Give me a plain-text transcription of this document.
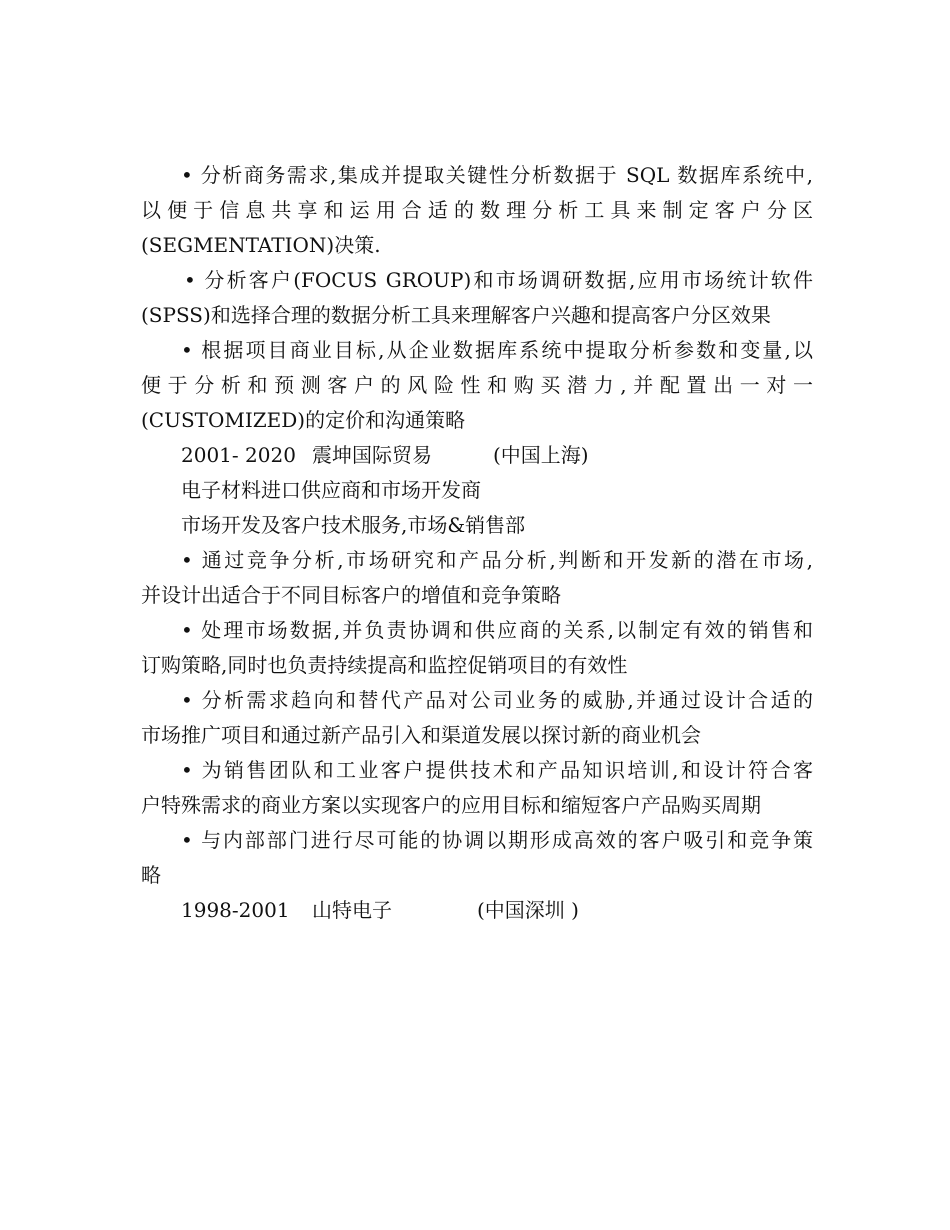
• 分析商务需求,集成并提取关键性分析数据于 SQL 数据库系统中,
以便于信息共享和运用合适的数理分析工具来制定客户分区
(SEGMENTATION)决策.
• 分析客户(FOCUS GROUP)和市场调研数据,应用市场统计软件
(SPSS)和选择合理的数据分析工具来理解客户兴趣和提高客户分区效果
• 根据项目商业目标,从企业数据库系统中提取分析参数和变量,以
便于分析和预测客户的风险性和购买潜力,并配置出一对一
(CUSTOMIZED)的定价和沟通策略
2001- 2020 震坤国际贸易	(中国上海)
电子材料进口供应商和市场开发商
市场开发及客户技术服务,市场&销售部
• 通过竞争分析,市场研究和产品分析,判断和开发新的潜在市场,
并设计出适合于不同目标客户的增值和竞争策略
• 处理市场数据,并负责协调和供应商的关系,以制定有效的销售和
订购策略,同时也负责持续提高和监控促销项目的有效性
• 分析需求趋向和替代产品对公司业务的威胁,并通过设计合适的
市场推广项目和通过新产品引入和渠道发展以探讨新的商业机会
• 为销售团队和工业客户提供技术和产品知识培训,和设计符合客
户特殊需求的商业方案以实现客户的应用目标和缩短客户产品购买周期
• 与内部部门进行尽可能的协调以期形成高效的客户吸引和竞争策
略
1998-2001 山特电子	(中国深圳 )
